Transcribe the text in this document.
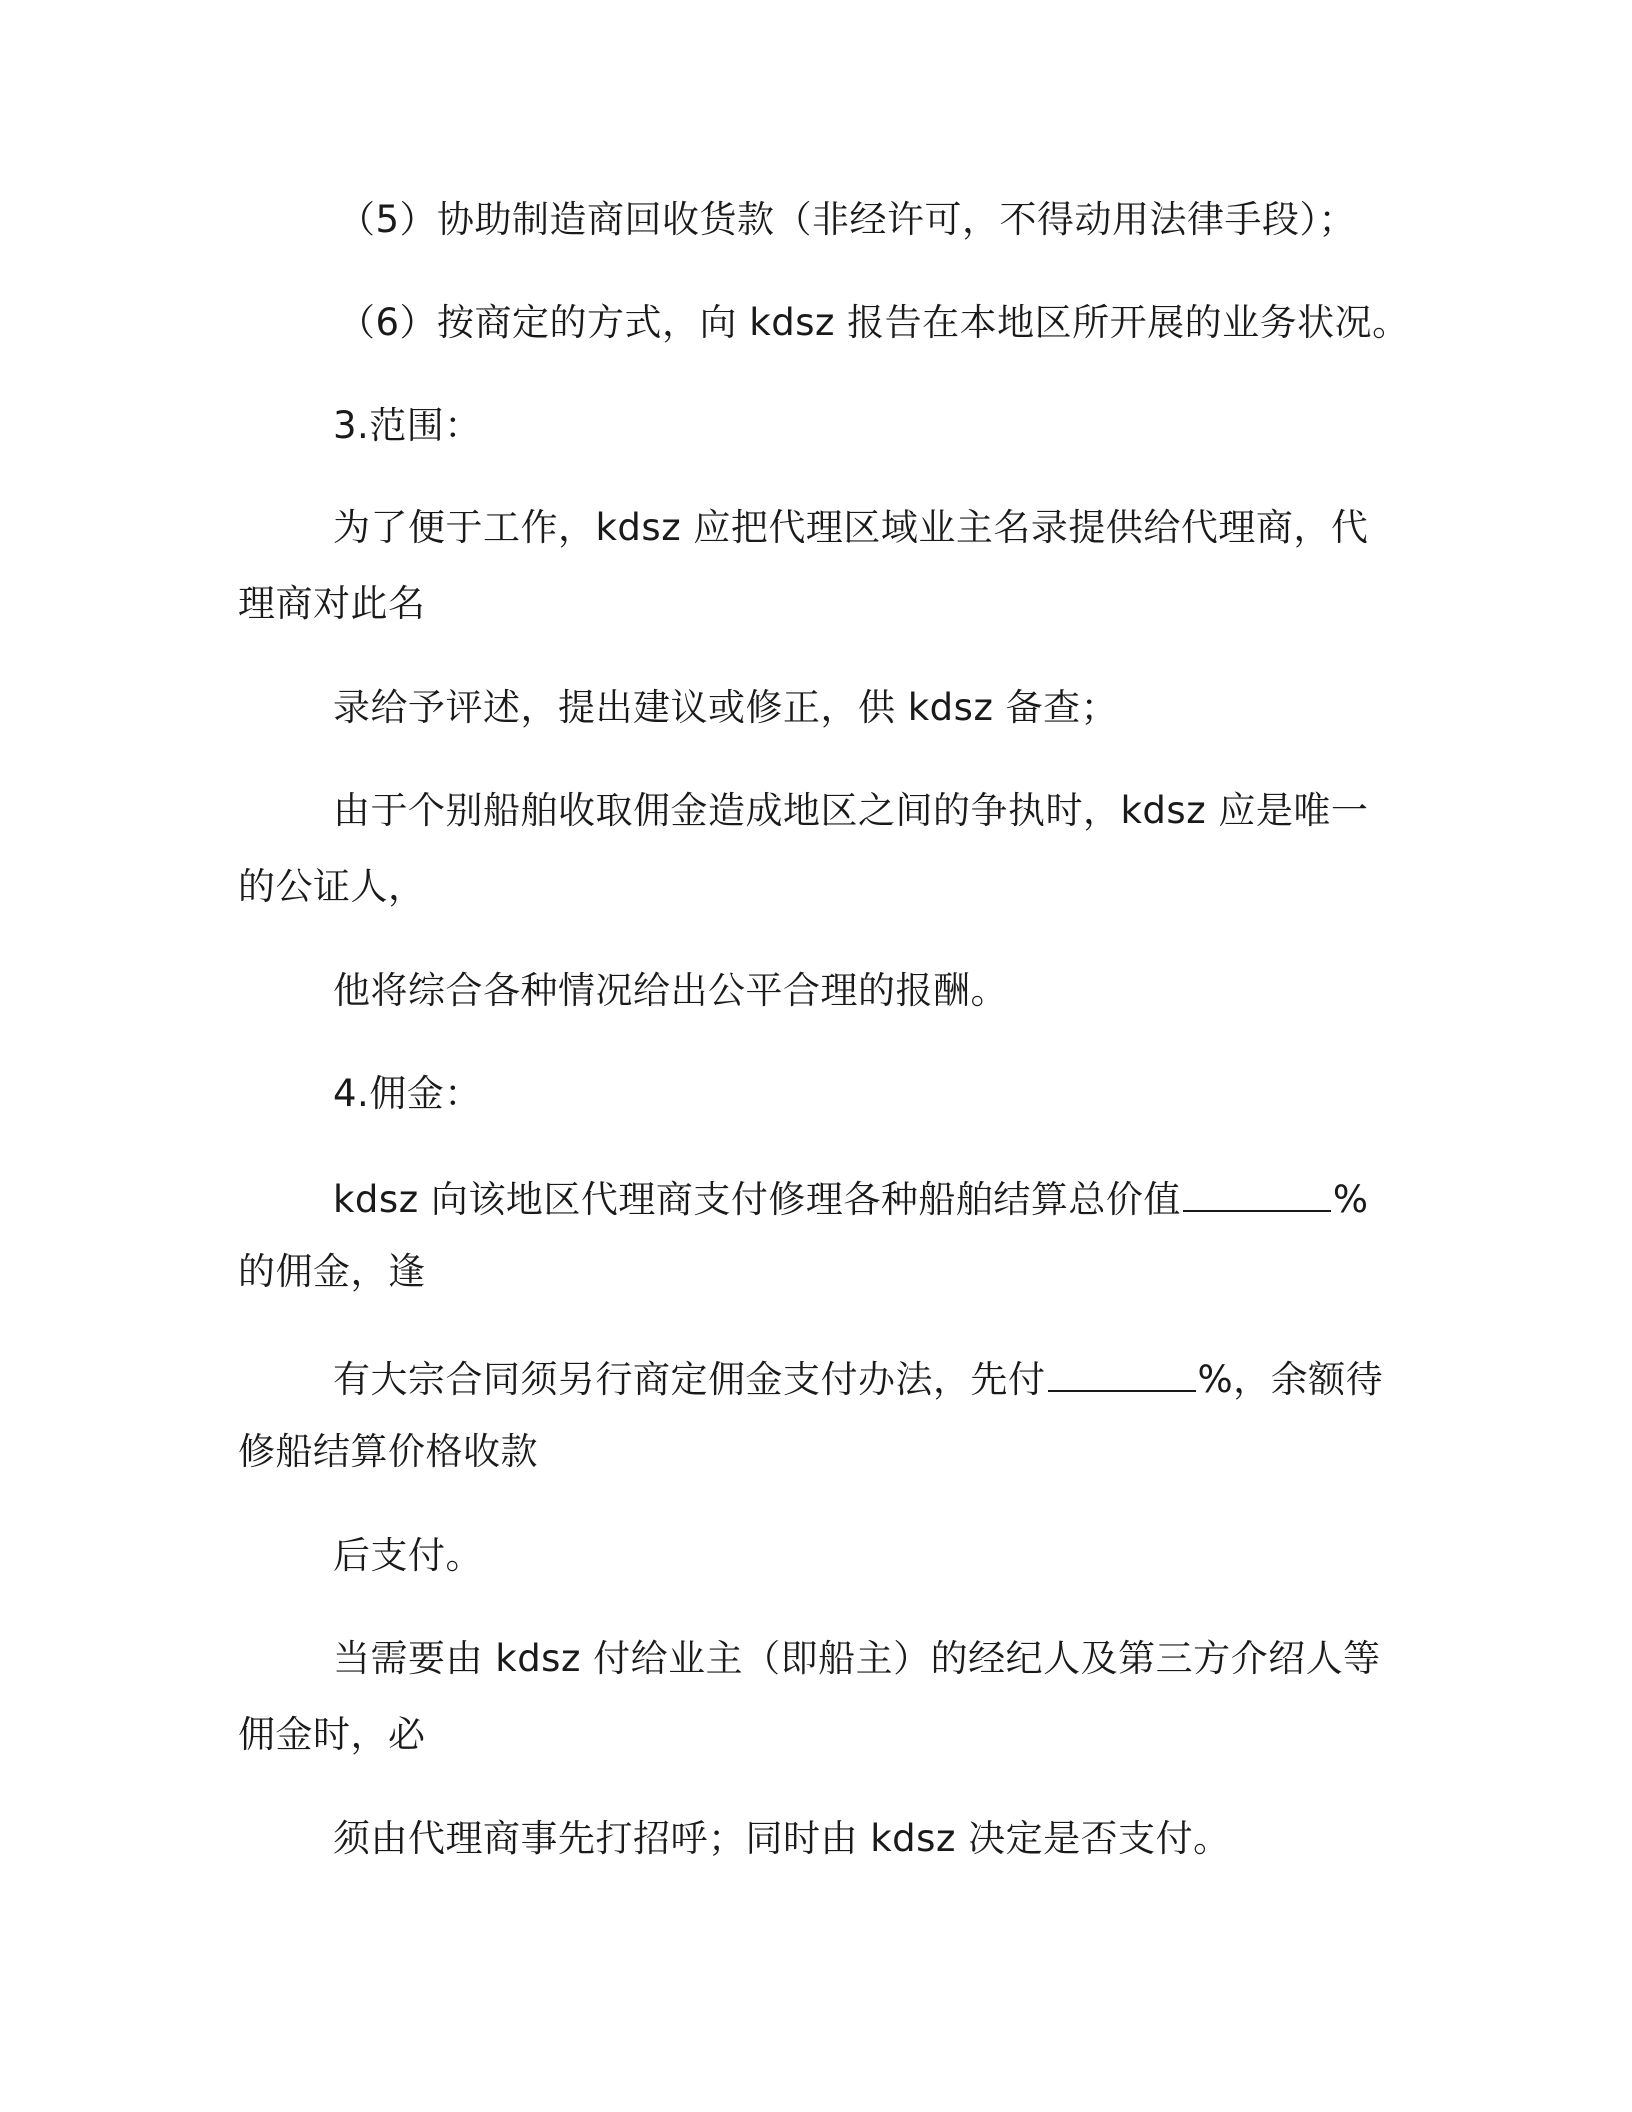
（5）协助制造商回收货款（非经许可，不得动用法律手段）；
（6）按商定的方式，向 kdsz 报告在本地区所开展的业务状况。
3.范围：
为了便于工作，kdsz 应把代理区域业主名录提供给代理商，代
理商对此名
录给予评述，提出建议或修正，供 kdsz 备查；
由于个别船舶收取佣金造成地区之间的争执时，kdsz 应是唯一
的公证人，
他将综合各种情况给出公平合理的报酬。
4.佣金：
kdsz 向该地区代理商支付修理各种船舶结算总价值	%
的佣金，逢
有大宗合同须另行商定佣金支付办法，先付	%，余额待
修船结算价格收款
后支付。
当需要由 kdsz 付给业主（即船主）的经纪人及第三方介绍人等
佣金时，必
须由代理商事先打招呼；同时由 kdsz 决定是否支付。
